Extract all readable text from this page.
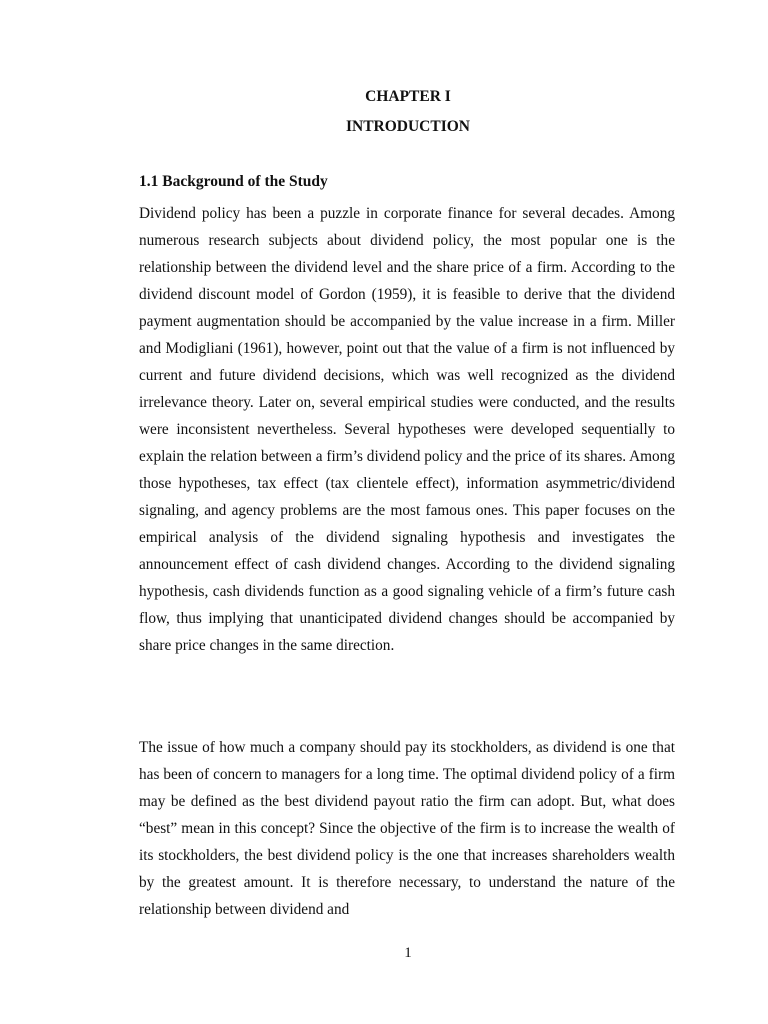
CHAPTER I
INTRODUCTION
1.1 Background of the Study

Dividend policy has been a puzzle in corporate finance for several decades. Among numerous research subjects about dividend policy, the most popular one is the relationship between the dividend level and the share price of a firm. According to the dividend discount model of Gordon (1959), it is feasible to derive that the dividend payment augmentation should be accompanied by the value increase in a firm. Miller and Modigliani (1961), however, point out that the value of a firm is not influenced by current and future dividend decisions, which was well recognized as the dividend irrelevance theory. Later on, several empirical studies were conducted, and the results were inconsistent nevertheless. Several hypotheses were developed sequentially to explain the relation between a firm’s dividend policy and the price of its shares. Among those hypotheses, tax effect (tax clientele effect), information asymmetric/dividend signaling, and agency problems are the most famous ones. This paper focuses on the empirical analysis of the dividend signaling hypothesis and investigates the announcement effect of cash dividend changes. According to the dividend signaling hypothesis, cash dividends function as a good signaling vehicle of a firm’s future cash flow, thus implying that unanticipated dividend changes should be accompanied by share price changes in the same direction.

The issue of how much a company should pay its stockholders, as dividend is one that has been of concern to managers for a long time. The optimal dividend policy of a firm may be defined as the best dividend payout ratio the firm can adopt. But, what does “best” mean in this concept? Since the objective of the firm is to increase the wealth of its stockholders, the best dividend policy is the one that increases shareholders wealth by the greatest amount. It is therefore necessary, to understand the nature of the relationship between dividend and

1
